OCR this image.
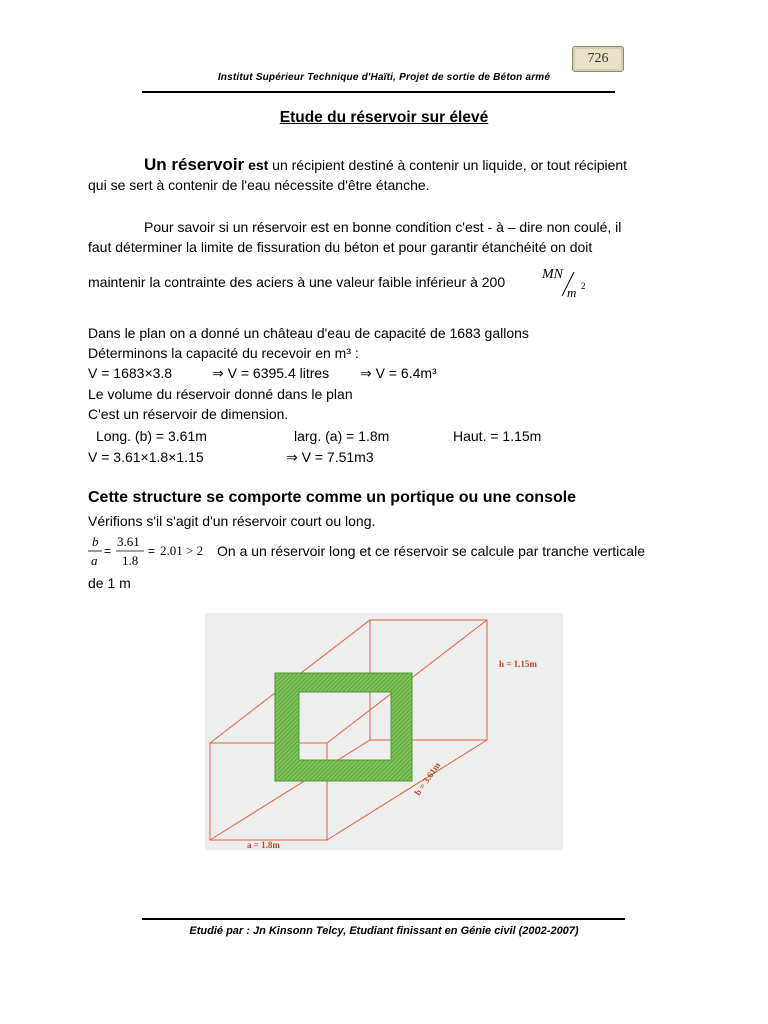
726
Institut Supérieur Technique d'Haïti, Projet de sortie de Béton armé
Etude du réservoir sur élevé
Un réservoir est un récipient destiné à contenir un liquide, or tout récipient
qui se sert à contenir de l'eau nécessite d'être étanche.
Pour savoir si un réservoir est en bonne condition c'est - à – dire non coulé, il
faut déterminer la limite de fissuration du béton et pour garantir étanchéité on doit
maintenir la contrainte des aciers à une valeur faible inférieur à 200	MN
m 2
Dans le plan on a donné un château d'eau de capacité de 1683 gallons
Déterminons la capacité du recevoir en m³ :
V = 1683×3.8	⇒ V = 6395.4 litres ⇒ V = 6.4m³
Le volume du réservoir donné dans le plan
C'est un réservoir de dimension.
Long. (b) = 3.61m	larg. (a) = 1.8m	Haut. = 1.15m
V = 3.61×1.8×1.15	⇒ V = 7.51m3
Cette structure se comporte comme un portique ou une console
Vérifions s'il s'agit d'un réservoir court ou long.
b
a
=
3.61
1.8
= 2.01 > 2 On a un réservoir long et ce réservoir se calcule par tranche verticale
de 1 m
h = 1.15m
b = 3.61m
a = 1.8m
Etudié par : Jn Kinsonn Telcy, Etudiant finissant en Génie civil (2002-2007)
